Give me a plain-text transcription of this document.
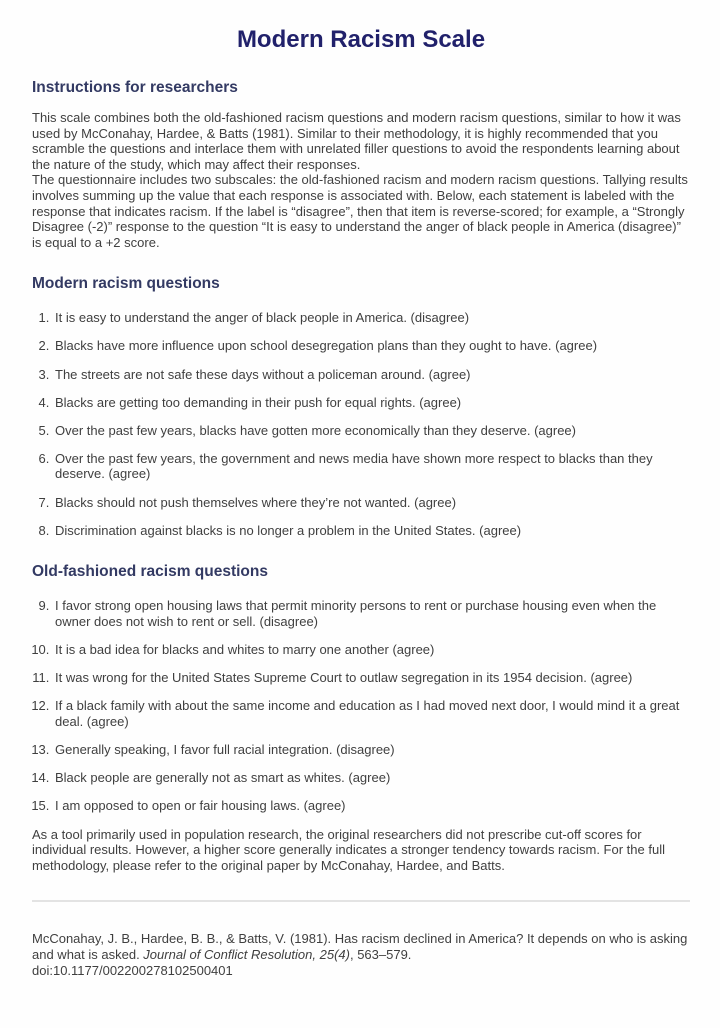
Modern Racism Scale
Instructions for researchers

This scale combines both the old-fashioned racism questions and modern racism questions, similar to how it was used by McConahay, Hardee, & Batts (1981). Similar to their methodology, it is highly recommended that you scramble the questions and interlace them with unrelated filler questions to avoid the respondents learning about the nature of the study, which may affect their responses.
The questionnaire includes two subscales: the old-fashioned racism and modern racism questions. Tallying results involves summing up the value that each response is associated with. Below, each statement is labeled with the response that indicates racism. If the label is “disagree”, then that item is reverse-scored; for example, a “Strongly Disagree (-2)” response to the question “It is easy to understand the anger of black people in America (disagree)” is equal to a +2 score.

Modern racism questions
1. It is easy to understand the anger of black people in America. (disagree)
2. Blacks have more influence upon school desegregation plans than they ought to have. (agree)
3. The streets are not safe these days without a policeman around. (agree)
4. Blacks are getting too demanding in their push for equal rights. (agree)
5. Over the past few years, blacks have gotten more economically than they deserve. (agree)
6. Over the past few years, the government and news media have shown more respect to blacks than they deserve. (agree)
7. Blacks should not push themselves where they’re not wanted. (agree)
8. Discrimination against blacks is no longer a problem in the United States. (agree)
Old-fashioned racism questions
9. I favor strong open housing laws that permit minority persons to rent or purchase housing even when the owner does not wish to rent or sell. (disagree)
10. It is a bad idea for blacks and whites to marry one another (agree)
11. It was wrong for the United States Supreme Court to outlaw segregation in its 1954 decision. (agree)
12. If a black family with about the same income and education as I had moved next door, I would mind it a great deal. (agree)
13. Generally speaking, I favor full racial integration. (disagree)
14. Black people are generally not as smart as whites. (agree)
15. I am opposed to open or fair housing laws. (agree)

As a tool primarily used in population research, the original researchers did not prescribe cut-off scores for individual results. However, a higher score generally indicates a stronger tendency towards racism. For the full methodology, please refer to the original paper by McConahay, Hardee, and Batts.

McConahay, J. B., Hardee, B. B., & Batts, V. (1981). Has racism declined in America? It depends on who is asking and what is asked. Journal of Conflict Resolution, 25(4), 563–579.
doi:10.1177/002200278102500401
